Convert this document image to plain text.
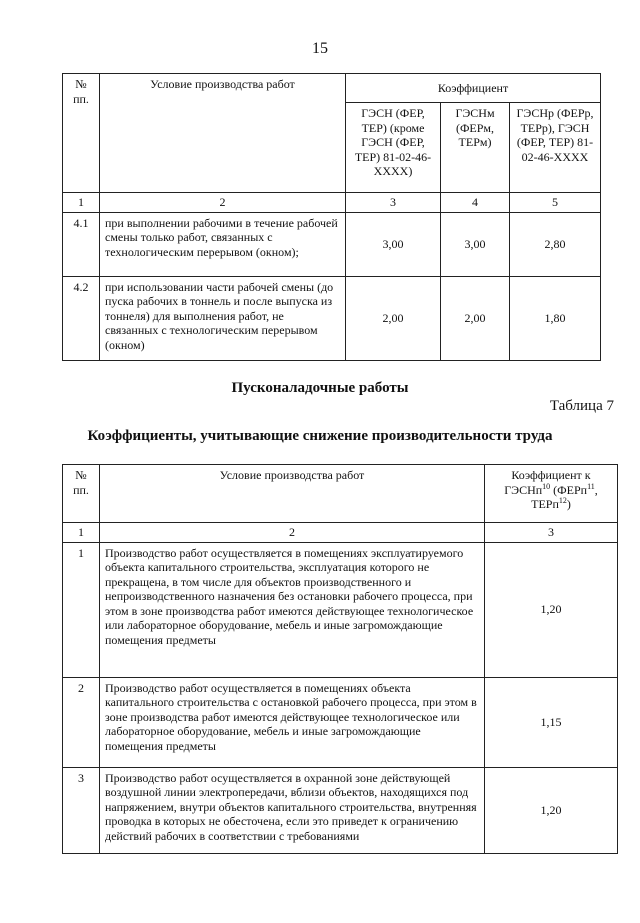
15
№ пп.	Условие производства работ	Коэффициент		
		ГЭСН (ФЕР, ТЕР) (кроме ГЭСН (ФЕР, ТЕР) 81-02-46-XXXX)	ГЭСНм (ФЕРм, ТЕРм)	ГЭСНр (ФЕРр, ТЕРр), ГЭСН (ФЕР, ТЕР) 81-02-46-XXXX
1	2	3	4	5
4.1	при выполнении рабочими в течение рабочей смены только работ, связанных с технологическим перерывом (окном);	3,00	3,00	2,80
4.2	при использовании части рабочей смены (до пуска рабочих в тоннель и после выпуска из тоннеля) для выполнения работ, не связанных с технологическим перерывом (окном)	2,00	2,00	1,80
Пусконаладочные работы
Таблица 7
Коэффициенты, учитывающие снижение производительности труда
№ пп.	Условие производства работ	Коэффициент к ГЭСНп$^{10}$ (ФЕРп$^{11}$, ТЕРп$^{12}$)
1	2	3
1	Производство работ осуществляется в помещениях эксплуатируемого объекта капитального строительства, эксплуатация которого не прекращена, в том числе для объектов производственного и непроизводственного назначения без остановки рабочего процесса, при этом в зоне производства работ имеются действующее технологическое или лабораторное оборудование, мебель и иные загромождающие помещения предметы	1,20
2	Производство работ осуществляется в помещениях объекта капитального строительства с остановкой рабочего процесса, при этом в зоне производства работ имеются действующее технологическое или лабораторное оборудование, мебель и иные загромождающие помещения предметы	1,15
3	Производство работ осуществляется в охранной зоне действующей воздушной линии электропередачи, вблизи объектов, находящихся под напряжением, внутри объектов капитального строительства, внутренняя проводка в которых не обесточена, если это приведет к ограничению действий рабочих в соответствии с требованиями	1,20
